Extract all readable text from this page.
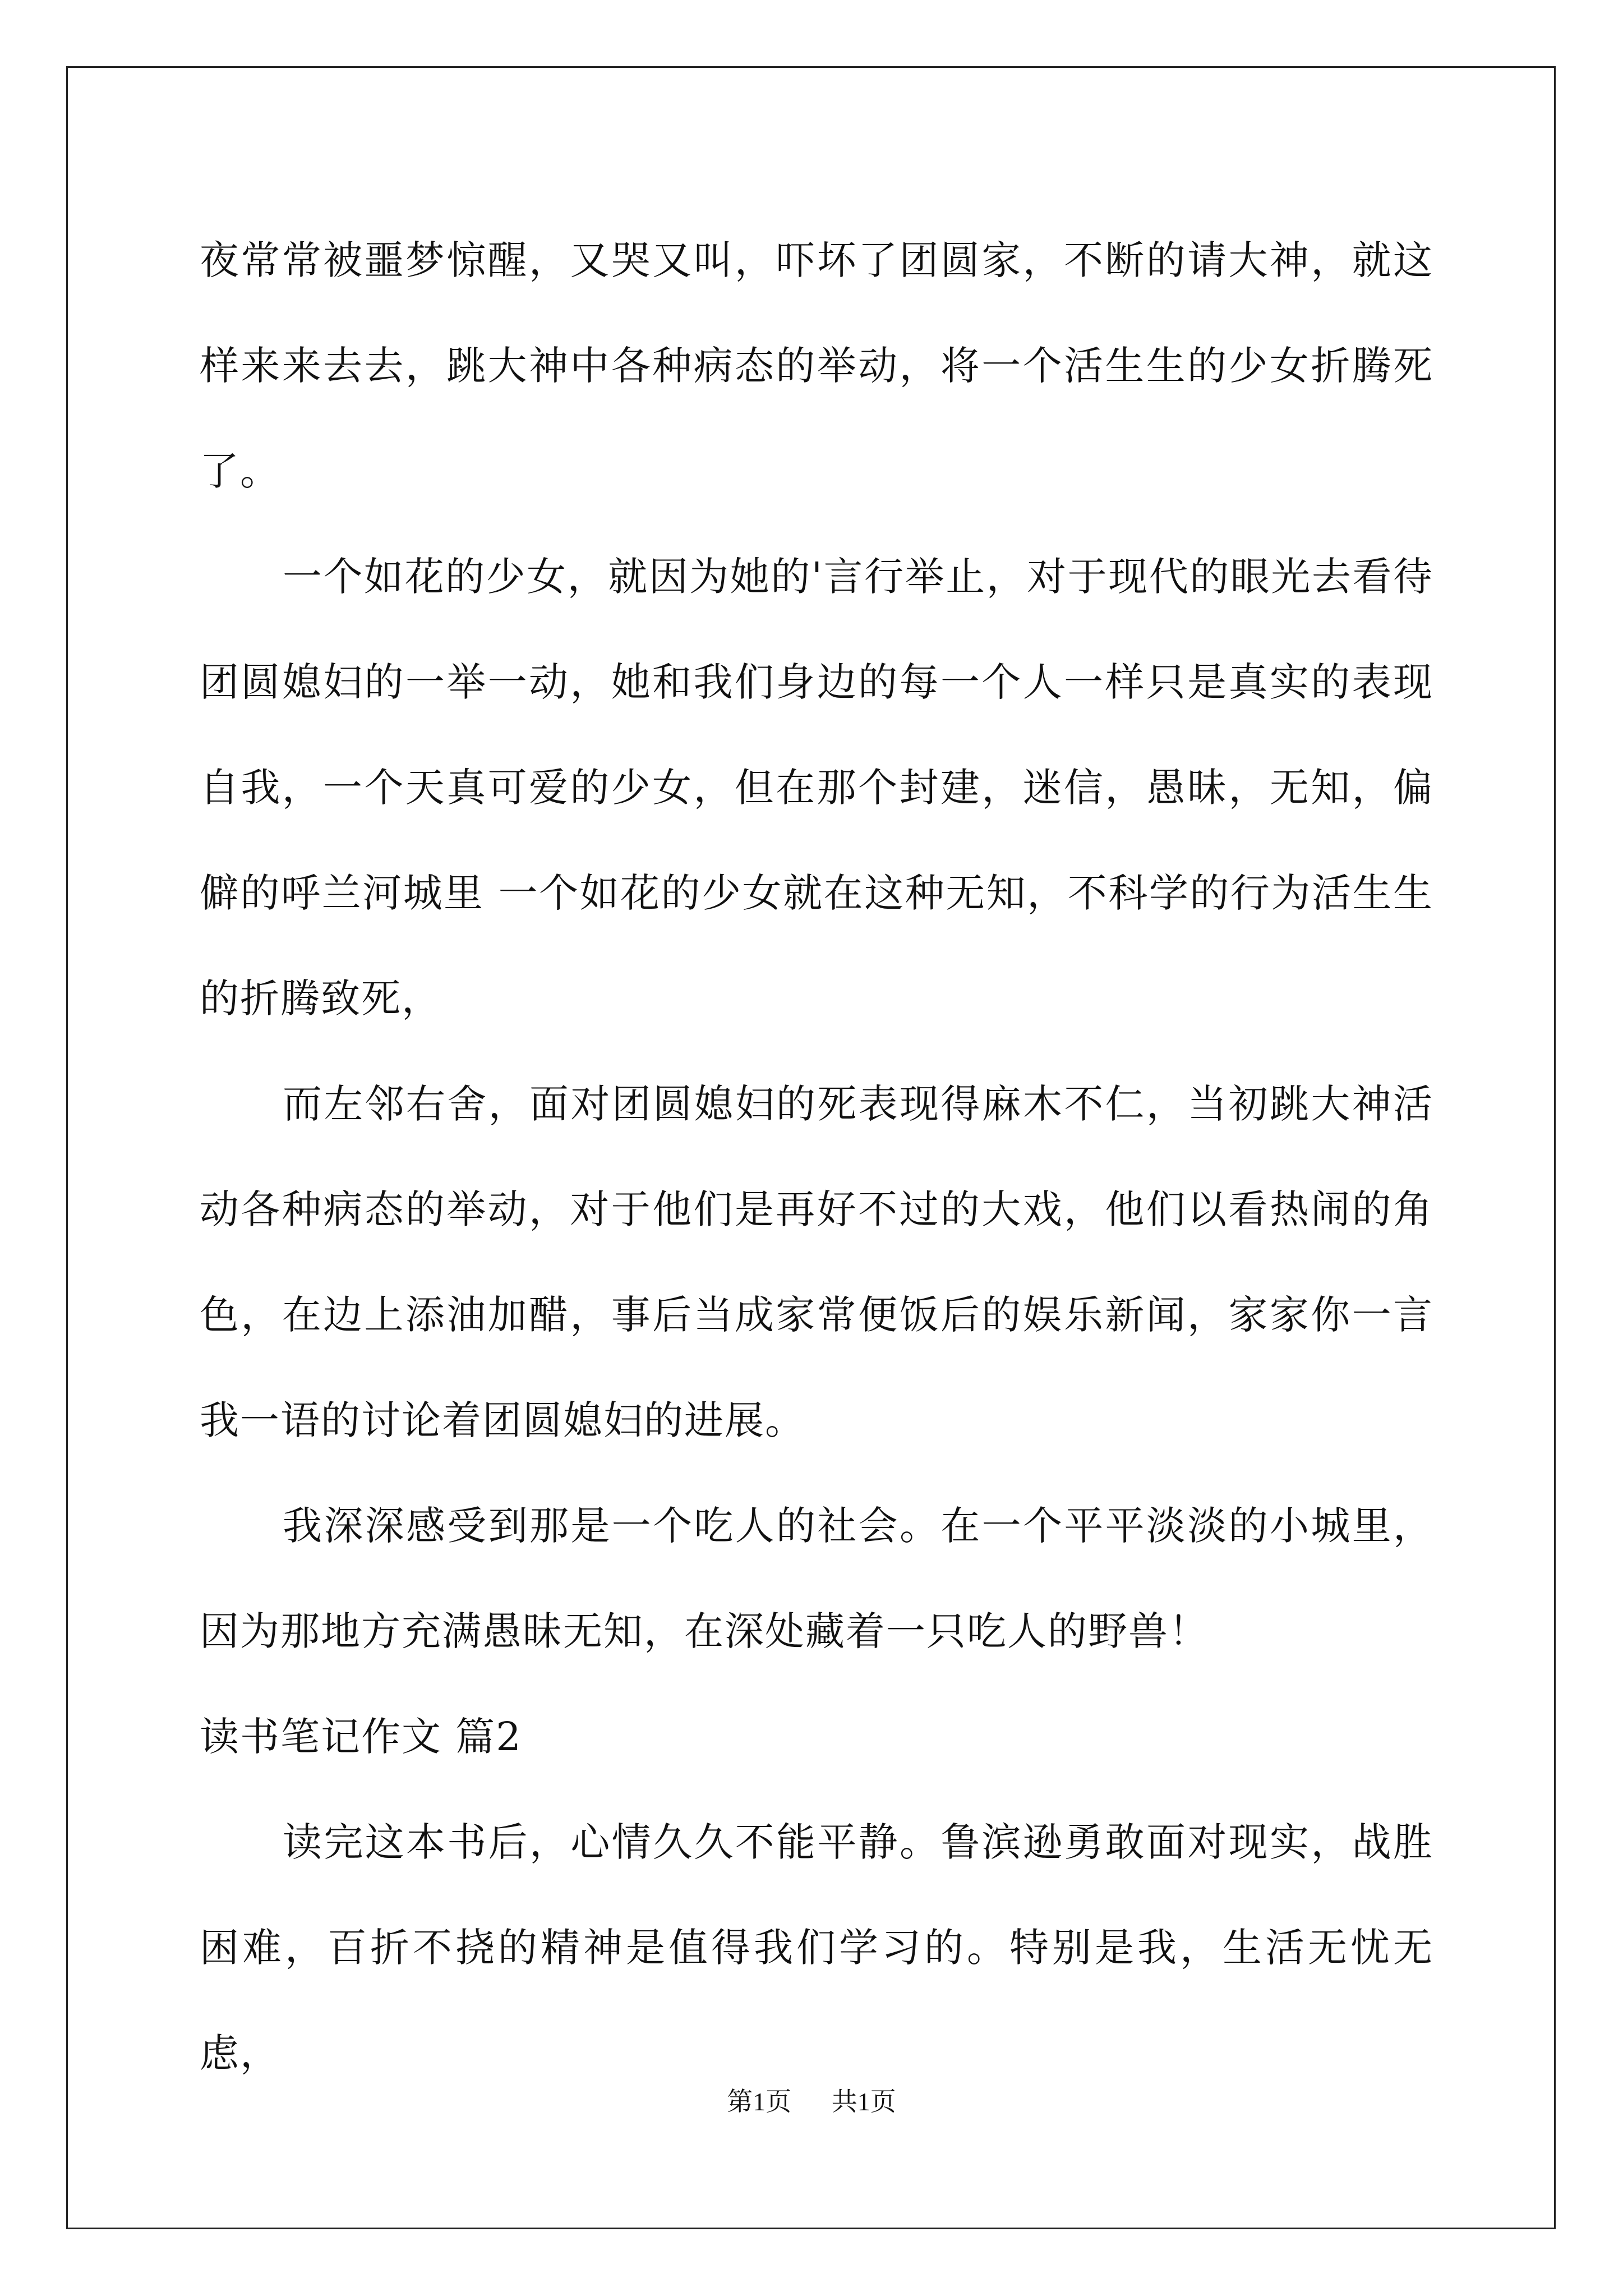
夜常常被噩梦惊醒，又哭又叫，吓坏了团圆家，不断的请大神，就这样来来去去，跳大神中各种病态的举动，将一个活生生的少女折腾死了。

一个如花的少女，就因为她的'言行举止，对于现代的眼光去看待团圆媳妇的一举一动，她和我们身边的每一个人一样只是真实的表现自我，一个天真可爱的少女，但在那个封建，迷信，愚昧，无知，偏僻的呼兰河城里 一个如花的少女就在这种无知，不科学的行为活生生的折腾致死，

而左邻右舍，面对团圆媳妇的死表现得麻木不仁，当初跳大神活动各种病态的举动，对于他们是再好不过的大戏，他们以看热闹的角色，在边上添油加醋，事后当成家常便饭后的娱乐新闻，家家你一言我一语的讨论着团圆媳妇的进展。

我深深感受到那是一个吃人的社会。在一个平平淡淡的小城里，因为那地方充满愚昧无知，在深处藏着一只吃人的野兽！

读书笔记作文 篇2

读完这本书后，心情久久不能平静。鲁滨逊勇敢面对现实，战胜困难，百折不挠的精神是值得我们学习的。特别是我，生活无忧无虑，

第1页 共1页
